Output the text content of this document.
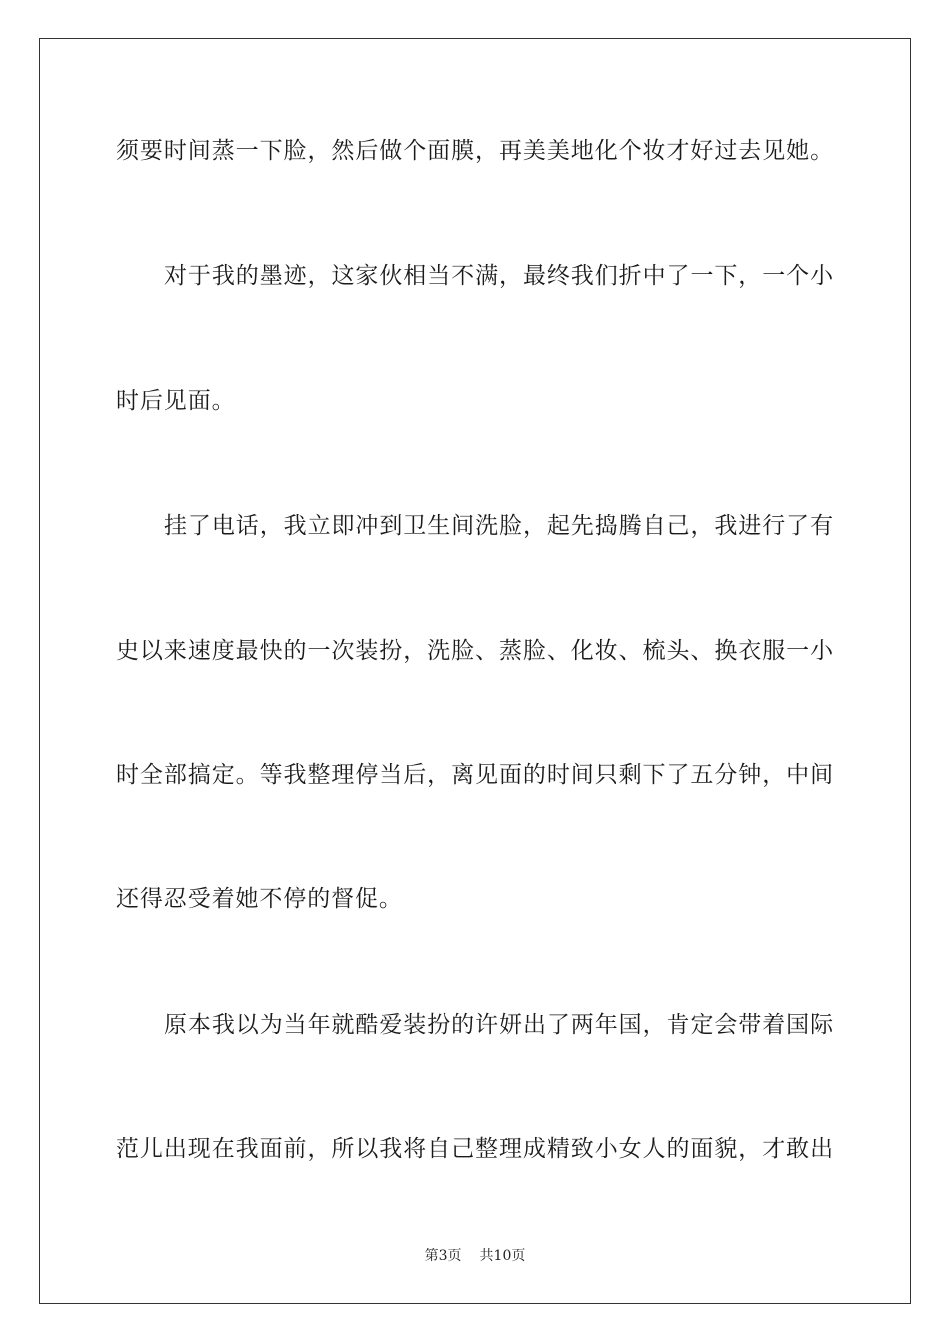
须要时间蒸一下脸，然后做个面膜，再美美地化个妆才好过去见她。
对于我的墨迹，这家伙相当不满，最终我们折中了一下，一个小
时后见面。
挂了电话，我立即冲到卫生间洗脸，起先捣腾自己，我进行了有
史以来速度最快的一次装扮，洗脸、蒸脸、化妆、梳头、换衣服一小
时全部搞定。等我整理停当后，离见面的时间只剩下了五分钟，中间
还得忍受着她不停的督促。
原本我以为当年就酷爱装扮的许妍出了两年国，肯定会带着国际
范儿出现在我面前，所以我将自己整理成精致小女人的面貌，才敢出
第3页 共10页
